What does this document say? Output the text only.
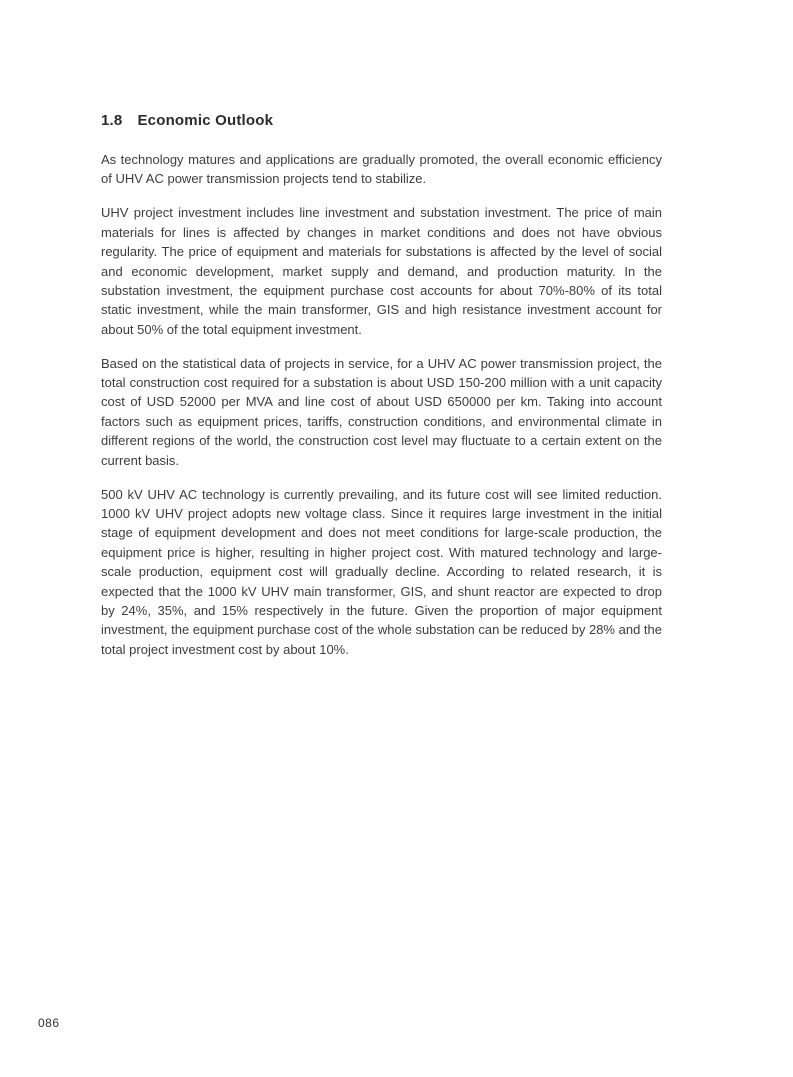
1.8 Economic Outlook

As technology matures and applications are gradually promoted, the overall economic efficiency of UHV AC power transmission projects tend to stabilize.

UHV project investment includes line investment and substation investment. The price of main materials for lines is affected by changes in market conditions and does not have obvious regularity. The price of equipment and materials for substations is affected by the level of social and economic development, market supply and demand, and production maturity. In the substation investment, the equipment purchase cost accounts for about 70%-80% of its total static investment, while the main transformer, GIS and high resistance investment account for about 50% of the total equipment investment.

Based on the statistical data of projects in service, for a UHV AC power transmission project, the total construction cost required for a substation is about USD 150-200 million with a unit capacity cost of USD 52000 per MVA and line cost of about USD 650000 per km. Taking into account factors such as equipment prices, tariffs, construction conditions, and environmental climate in different regions of the world, the construction cost level may fluctuate to a certain extent on the current basis.

500 kV UHV AC technology is currently prevailing, and its future cost will see limited reduction. 1000 kV UHV project adopts new voltage class. Since it requires large investment in the initial stage of equipment development and does not meet conditions for large-scale production, the equipment price is higher, resulting in higher project cost. With matured technology and large-scale production, equipment cost will gradually decline. According to related research, it is expected that the 1000 kV UHV main transformer, GIS, and shunt reactor are expected to drop by 24%, 35%, and 15% respectively in the future. Given the proportion of major equipment investment, the equipment purchase cost of the whole substation can be reduced by 28% and the total project investment cost by about 10%.

086
